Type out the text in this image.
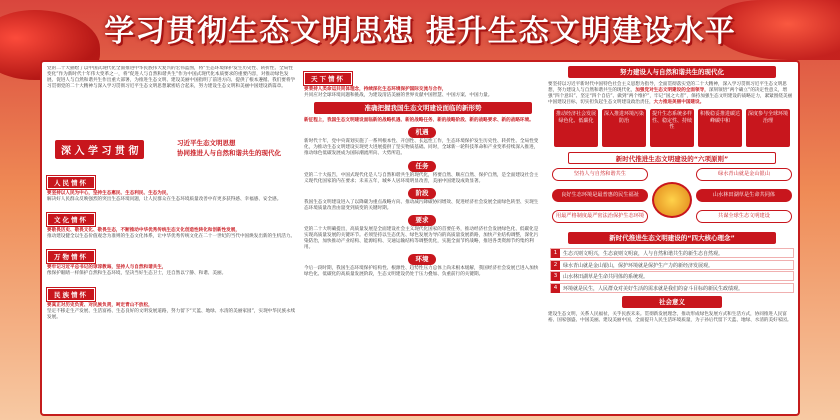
学习贯彻生态文明思想 提升生态文明建设水平
党的二十大描绘了以中国式现代化全面推进中华民族伟大复兴的宏伟蓝图，将“生态环境保护发生历史性、转折性、全局性变化”作为新时代十年伟大变革之一，将“促进人与自然和谐共生”作为中国式现代化本质要求的重要内容，对推动绿色发展、促进人与自然和谐共生作出重大部署，为推进生态文明、建设美丽中国指明了前进方向、提供了根本遵循。我们要将学习贯彻党的二十大精神与深入学习贯彻习近平生态文明思想紧密结合起来，努力建设生态文明和美丽中国建设新篇章。
深 入 学 习 贯 彻
习近平生态文明思想
协同推进人与自然和谐共生的现代化
人民情怀
要坚持以人民为中心，坚持生态惠民、生态利民、生态为民，
解决好人民群众反映强烈的突出生态环境问题，让人民群众在生态环境质量改善中有更多获得感、幸福感、安全感。
文化情怀
要敬畏历史、敬畏文化、敬畏生态，不断推动中华优秀传统生态文化创造性转化和创新性发展，
推动建设健全以生态价值观念为准则的生态文化体系，让中华优秀传统文化在二十一世纪的当代中国焕发出新的生机活力。
万物情怀
要牢记习近平总书记的谆谆教诲，坚持人与自然和谐共生，
像保护眼睛一样保护自然和生态环境，坚决当好生态卫士，还自然以宁静、和谐、美丽。
民族情怀
要真正对历史负责、对民族负责，呵定青山不放松，
坚定不移走生产发展、生活富裕、生态良好的文明发展道路，努力留下“天蓝、地绿、水清的美丽家园”，实现中华民族永续发展。
天下情怀
要秉持人类命运共同体理念，持续深化生态环境保护国际交流与合作，
共同应对全球环境问题和挑战，为建设清洁美丽的世界贡献中国智慧、中国方案、中国力量。
准确把握我国生态文明建设面临的新形势
新征程上，我国生态文明建设面临新的战略机遇、新的战略任务、新的战略阶段、新的战略要求、新的战略环境。
机遇
新时代十年，党中央谋划实施了一系列根本性、开创性、长远性工作，生态环境保护发生历史性、转折性、全局性变化，为推动生态文明建设实现更大进展提供了坚实物质基础。同时，全球新一轮科技革命和产业变革持续深入推进，推动绿色低碳发展成为国际潮流所向、大势所趋。
任务
党的二十大报告，中国式现代化是人与自然和谐共生的现代化，将要自然、顺应自然、保护自然，是全面建设社会主义现代化国家的内在要求；未来五年，城乡人居环境明显改善，美丽中国建设成效显著。
阶段
我国生态文明建设进入了以降碳为重点战略方向、推动减污降碳协同增效、促进经济社会发展全面绿色转型、实现生态环境质量改善由量变到质变的关键时期。
要求
党的二十大明确提出，高质量发展是全面建设社会主义现代化国家的首要任务，推动经济社会发展绿色化、低碳化是实现高质量发展的关键环节。必须坚持以生态优先、绿色发展为导向的高质量发展新路，加快产业结构调整，深化污染防治，加快推动产业结构、能源结构、交通运输结构等调整优化，实施全面节约战略，推进各类资源节约集约利用。
环境
今后一段时期，我国生态环境保护结构性、根源性、趋势性压力总体上尚未根本缓解，我国经济社会发展已进入加快绿色化、低碳化的高质量发展阶段，生态文明建设仍处于压力叠加、负重前行的关键期。
努力建设人与自然和谐共生的现代化
要坚持以习近平新时代中国特色社会主义思想为指导，全面贯彻落实党的二十大精神，深入学习贯彻习近平生态文明思想，努力建设人与自然和谐共生的现代化，加强党对生态文明建设的全面领导，深刻领悟“两个确立”的决定性意义，增强“四个意识”、坚定“四个自信”、做到“两个维护”，牢记“国之大者”，保持加强生态文明建设的战略定力，紧紧围绕美丽中国建设目标，切实担负起生态文明建设政治责任，大力推进美丽中国建设。
推动经济社会发展绿色化、低碳化
深入推进环境污染防治
提升生态系统多样性、稳定性、持续性
积极稳妥推进碳达峰碳中和
深度参与全球环境治理
新时代推进生态文明建设的“六项原则”
坚持人与自然和谐共生
良好生态环境是最普惠的民生福祉
用最严格制度最严密法治保护生态环境
绿水青山就是金山银山
山水林田湖草是生命共同体
共谋全球生态文明建设
新时代推进生态文明建设的“四大核心理念”
1 生态兴则文明兴，生态衰则文明衰，人与自然和谐共生的新生态自然观。
2 绿水青山就是金山银山，保护环境就是保护生产力的新经济发展观。
3 山水林田湖草是生命共同体的系统观。
4 环境就是民生，人民群众对美好生活的需求就是我们的奋斗目标的新民生政绩观。
社会意义
建设生态文明，关系人民福祉，关乎民族未来。贯彻新发展理念，推动形成绿色发展方式和生活方式，协同推进人民富裕、国家强盛、中国美丽。建设美丽中国，全面提升人民生活环境质量，为子孙后代留下天蓝、地绿、水清的美好家园。
